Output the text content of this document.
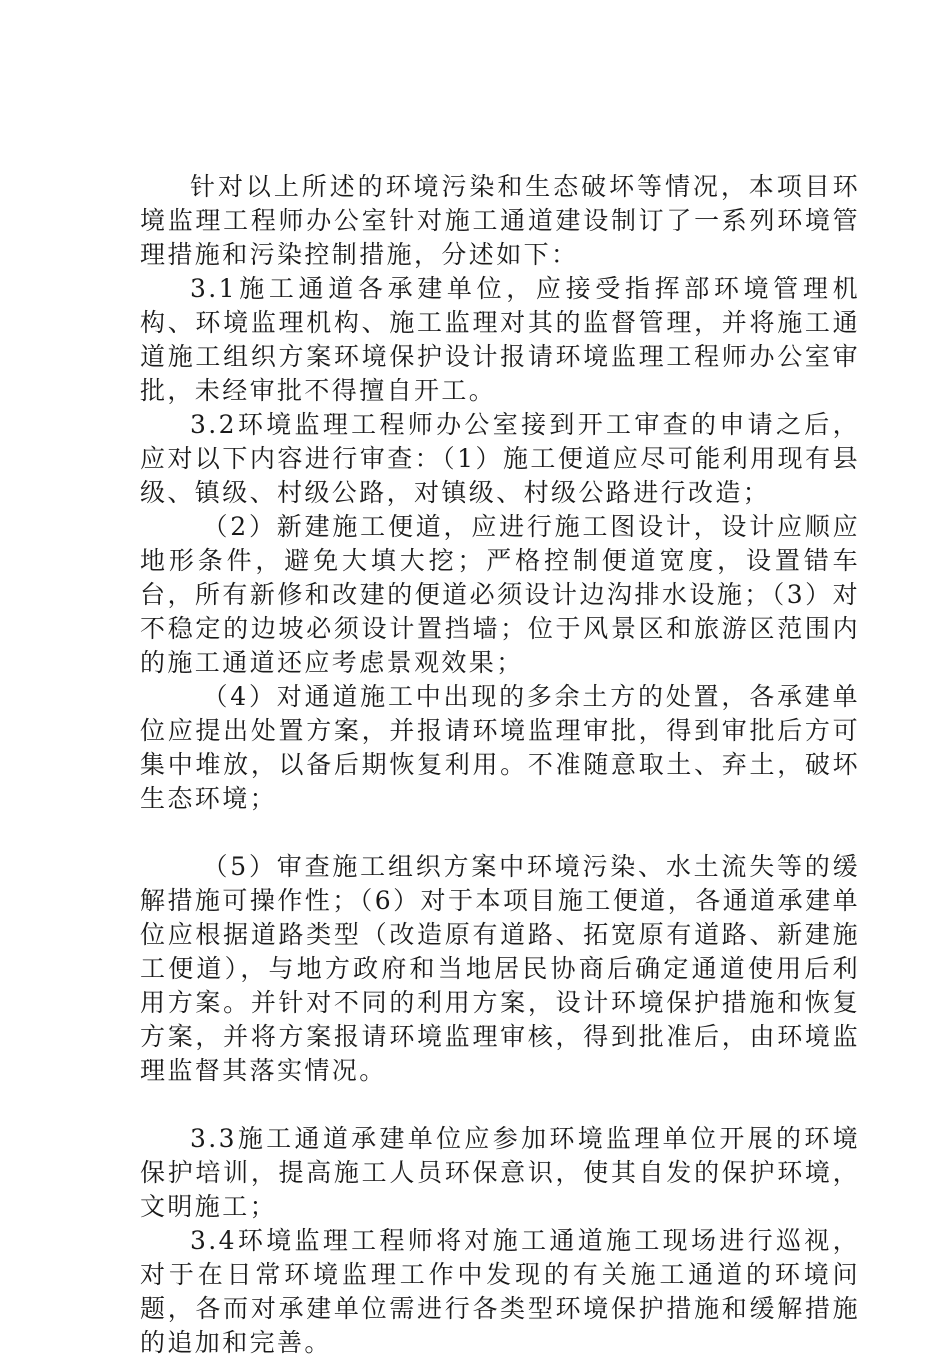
针对以上所述的环境污染和生态破坏等情况，本项目环境监理工程师办公室针对施工通道建设制订了一系列环境管理措施和污染控制措施，分述如下：

3.1施工通道各承建单位，应接受指挥部环境管理机构、环境监理机构、施工监理对其的监督管理，并将施工通道施工组织方案环境保护设计报请环境监理工程师办公室审批，未经审批不得擅自开工。

3.2环境监理工程师办公室接到开工审查的申请之后，应对以下内容进行审查：（1）施工便道应尽可能利用现有县级、镇级、村级公路，对镇级、村级公路进行改造；

（2）新建施工便道，应进行施工图设计，设计应顺应地形条件，避免大填大挖；严格控制便道宽度，设置错车台，所有新修和改建的便道必须设计边沟排水设施；（3）对不稳定的边坡必须设计置挡墙；位于风景区和旅游区范围内的施工通道还应考虑景观效果；

（4）对通道施工中出现的多余土方的处置，各承建单位应提出处置方案，并报请环境监理审批，得到审批后方可集中堆放，以备后期恢复利用。不准随意取土、弃土，破坏生态环境；

（5）审查施工组织方案中环境污染、水土流失等的缓解措施可操作性；（6）对于本项目施工便道，各通道承建单位应根据道路类型（改造原有道路、拓宽原有道路、新建施工便道），与地方政府和当地居民协商后确定通道使用后利用方案。并针对不同的利用方案，设计环境保护措施和恢复方案，并将方案报请环境监理审核，得到批准后，由环境监理监督其落实情况。

3.3施工通道承建单位应参加环境监理单位开展的环境保护培训，提高施工人员环保意识，使其自发的保护环境，文明施工；

3.4环境监理工程师将对施工通道施工现场进行巡视，对于在日常环境监理工作中发现的有关施工通道的环境问题，各而对承建单位需进行各类型环境保护措施和缓解措施的追加和完善。
